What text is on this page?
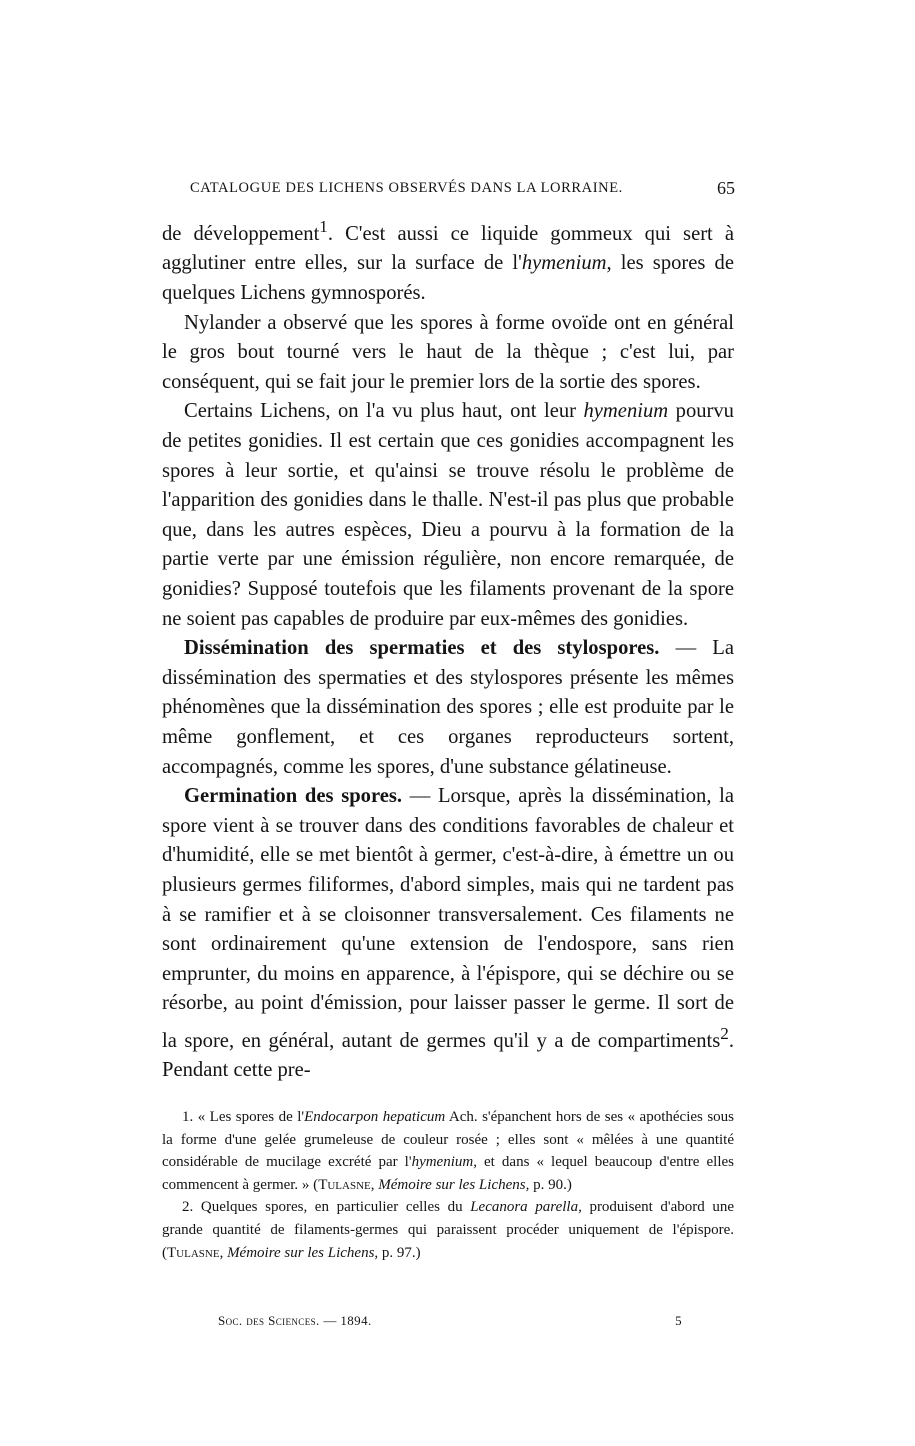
CATALOGUE DES LICHENS OBSERVÉS DANS LA LORRAINE.	65

de développement$^1$. C'est aussi ce liquide gommeux qui sert à agglutiner entre elles, sur la surface de l'hymenium, les spores de quelques Lichens gymnosporés.

Nylander a observé que les spores à forme ovoïde ont en général le gros bout tourné vers le haut de la thèque ; c'est lui, par conséquent, qui se fait jour le premier lors de la sortie des spores.

Certains Lichens, on l'a vu plus haut, ont leur hymenium pourvu de petites gonidies. Il est certain que ces gonidies accompagnent les spores à leur sortie, et qu'ainsi se trouve résolu le problème de l'apparition des gonidies dans le thalle. N'est-il pas plus que probable que, dans les autres espèces, Dieu a pourvu à la formation de la partie verte par une émission régulière, non encore remarquée, de gonidies? Supposé toutefois que les filaments provenant de la spore ne soient pas capables de produire par eux-mêmes des gonidies.

Dissémination des spermaties et des stylospores. — La dissémination des spermaties et des stylospores présente les mêmes phénomènes que la dissémination des spores ; elle est produite par le même gonflement, et ces organes reproducteurs sortent, accompagnés, comme les spores, d'une substance gélatineuse.

Germination des spores. — Lorsque, après la dissémination, la spore vient à se trouver dans des conditions favorables de chaleur et d'humidité, elle se met bientôt à germer, c'est-à-dire, à émettre un ou plusieurs germes filiformes, d'abord simples, mais qui ne tardent pas à se ramifier et à se cloisonner transversalement. Ces filaments ne sont ordinairement qu'une extension de l'endospore, sans rien emprunter, du moins en apparence, à l'épispore, qui se déchire ou se résorbe, au point d'émission, pour laisser passer le germe. Il sort de la spore, en général, autant de germes qu'il y a de compartiments$^2$. Pendant cette pre-

1. « Les spores de l'Endocarpon hepaticum Ach. s'épanchent hors de ses « apothécies sous la forme d'une gelée grumeleuse de couleur rosée ; elles sont « mêlées à une quantité considérable de mucilage excrété par l'hymenium, et dans « lequel beaucoup d'entre elles commencent à germer. » (Tulasne, Mémoire sur les Lichens, p. 90.)

2. Quelques spores, en particulier celles du Lecanora parella, produisent d'abord une grande quantité de filaments-germes qui paraissent procéder uniquement de l'épispore. (Tulasne, Mémoire sur les Lichens, p. 97.)

Soc. des Sciences. — 1894.	5
